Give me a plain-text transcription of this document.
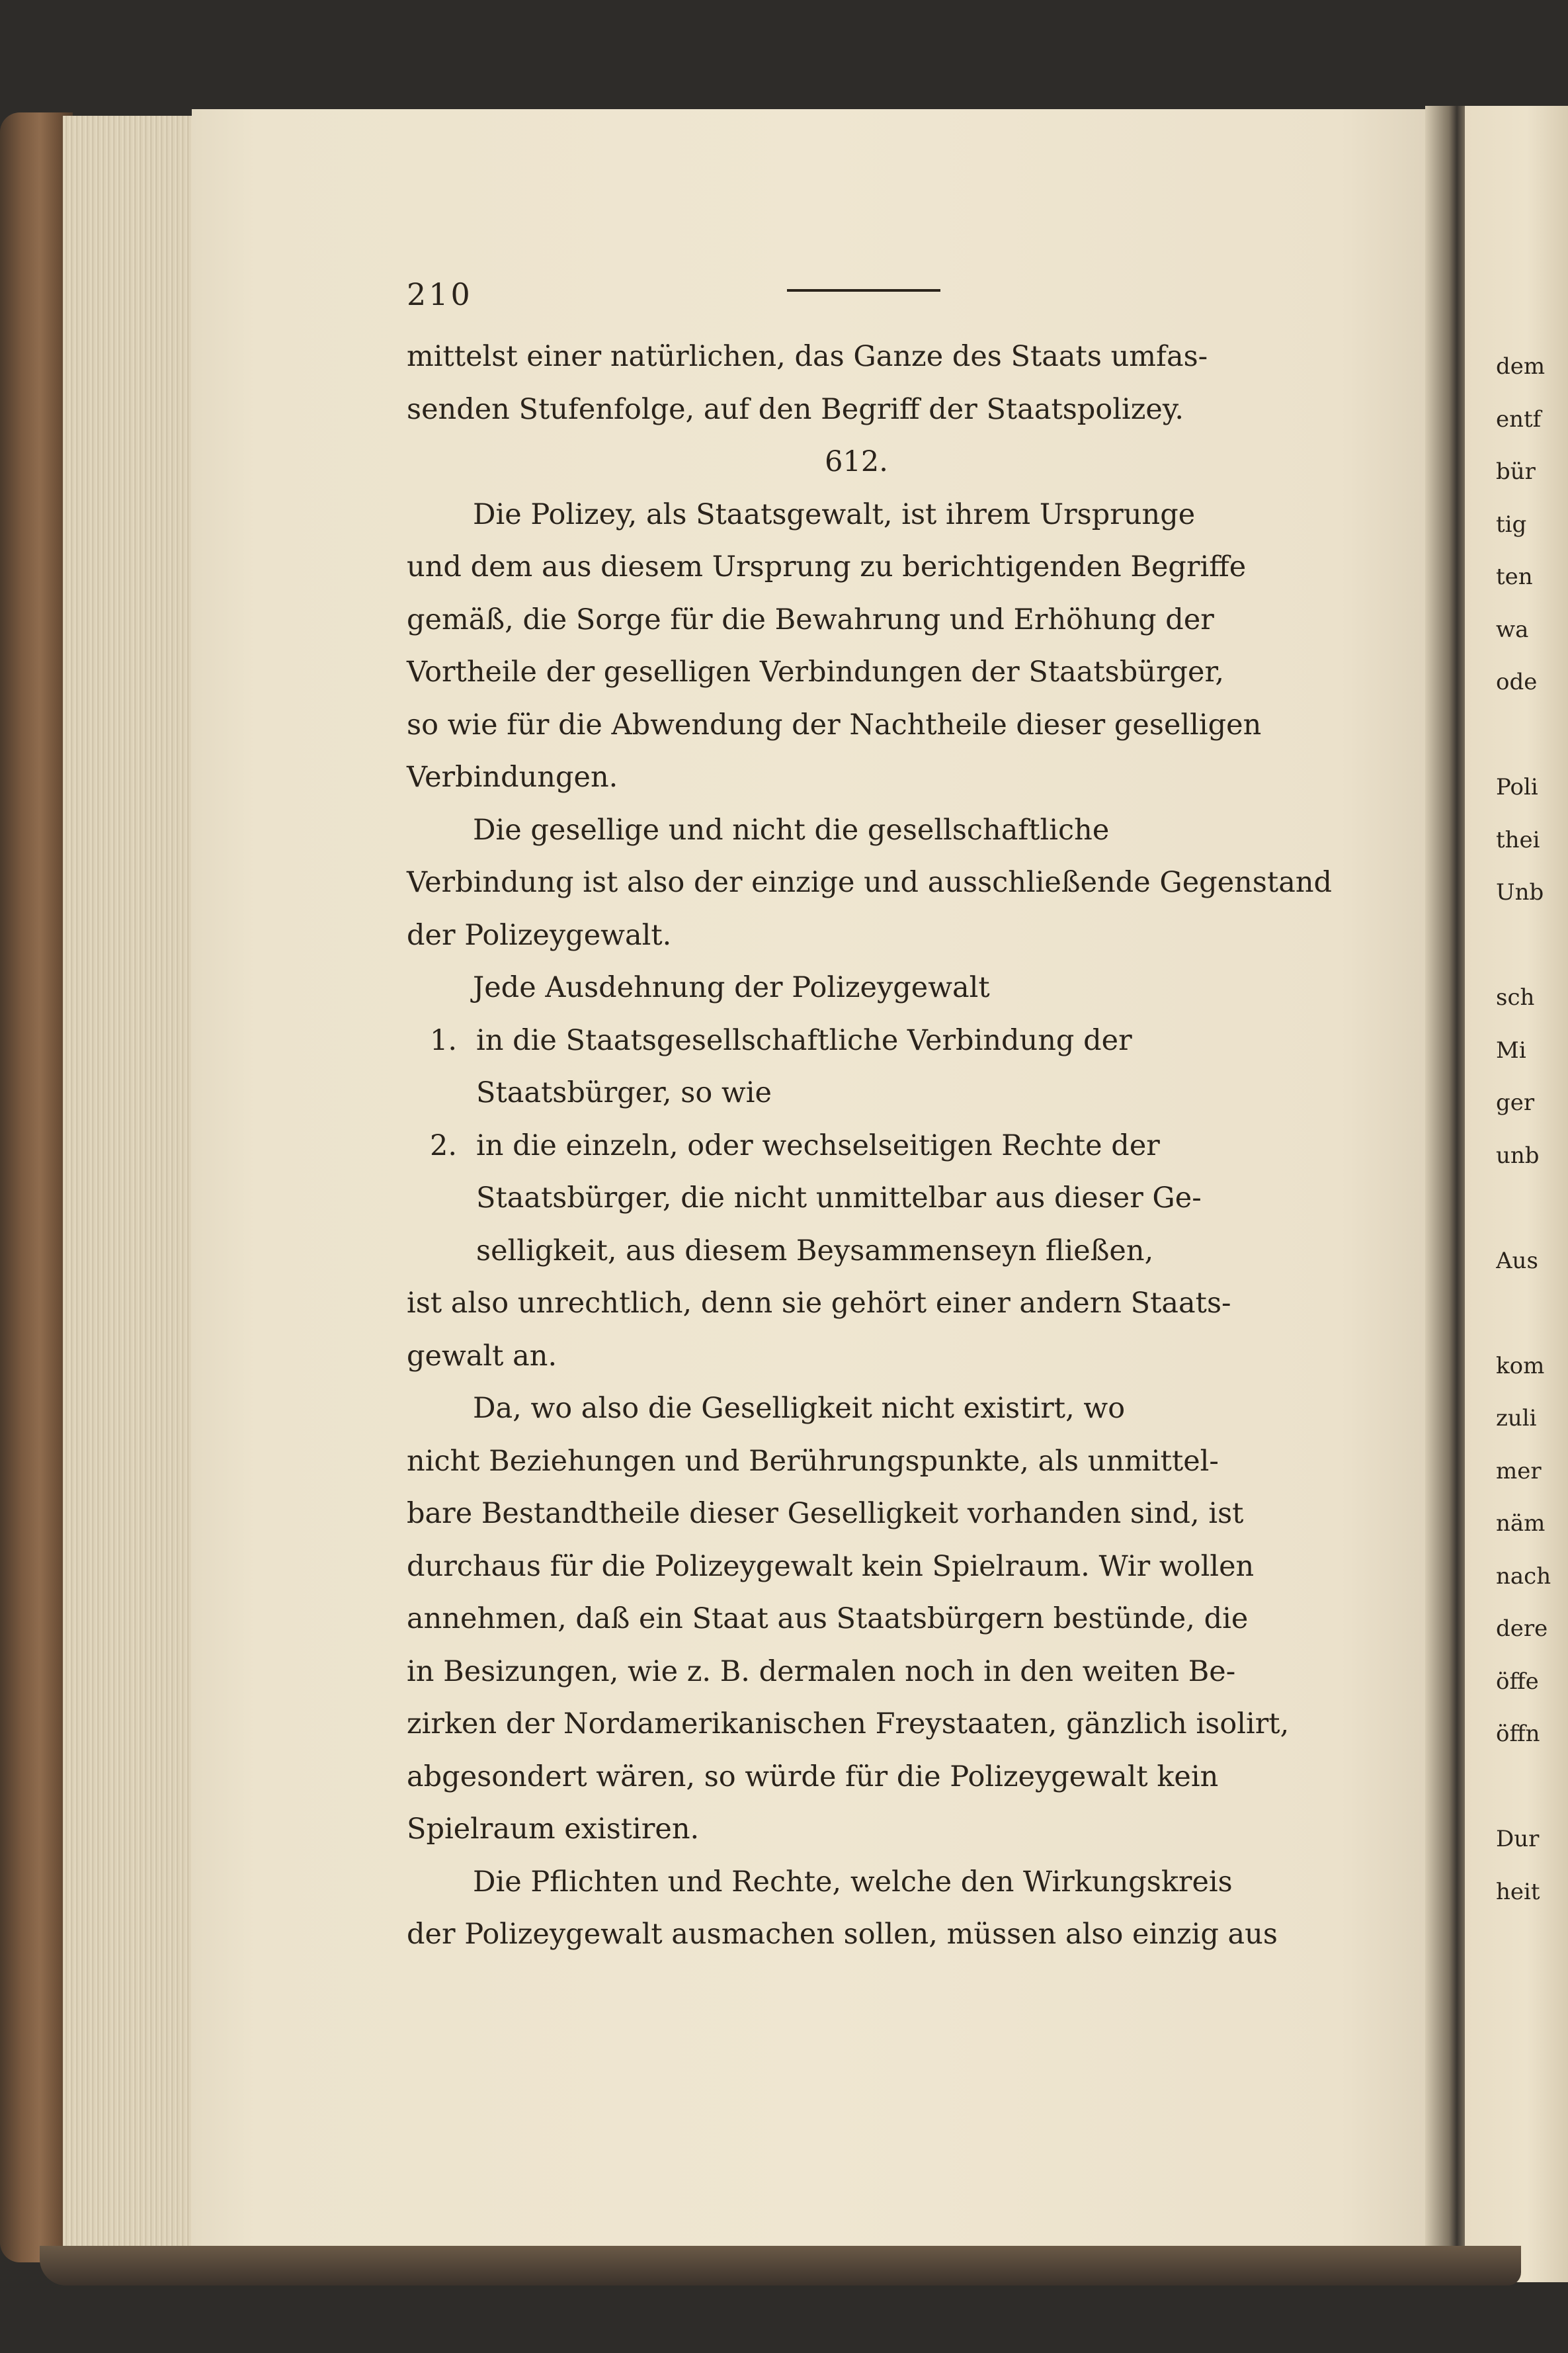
210
mittelst einer natürlichen, das Ganze des Staats umfas-
senden Stufenfolge, auf den Begriff der Staatspolizey.
612.
Die Polizey, als Staatsgewalt, ist ihrem Ursprunge
und dem aus diesem Ursprung zu berichtigenden Begriffe
gemäß, die Sorge für die Bewahrung und Erhöhung der
Vortheile der geselligen Verbindungen der Staatsbürger,
so wie für die Abwendung der Nachtheile dieser geselligen
Verbindungen.
Die gesellige und nicht die gesellschaftliche
Verbindung ist also der einzige und ausschließende Gegenstand
der Polizeygewalt.
Jede Ausdehnung der Polizeygewalt
1. in die Staatsgesellschaftliche Verbindung der
Staatsbürger, so wie
2. in die einzeln, oder wechselseitigen Rechte der
Staatsbürger, die nicht unmittelbar aus dieser Ge-
selligkeit, aus diesem Beysammenseyn fließen,
ist also unrechtlich, denn sie gehört einer andern Staats-
gewalt an.
Da, wo also die Geselligkeit nicht existirt, wo
nicht Beziehungen und Berührungspunkte, als unmittel-
bare Bestandtheile dieser Geselligkeit vorhanden sind, ist
durchaus für die Polizeygewalt kein Spielraum. Wir wollen
annehmen, daß ein Staat aus Staatsbürgern bestünde, die
in Besizungen, wie z. B. dermalen noch in den weiten Be-
zirken der Nordamerikanischen Freystaaten, gänzlich isolirt,
abgesondert wären, so würde für die Polizeygewalt kein
Spielraum existiren.
Die Pflichten und Rechte, welche den Wirkungskreis
der Polizeygewalt ausmachen sollen, müssen also einzig aus
dem
entf
bür
tig
ten
wa
ode

Poli
thei
Unb

sch
Mi
ger
unb

Aus

kom
zuli
mer
näm
nach
dere
öffe
öffn

Dur
heit
